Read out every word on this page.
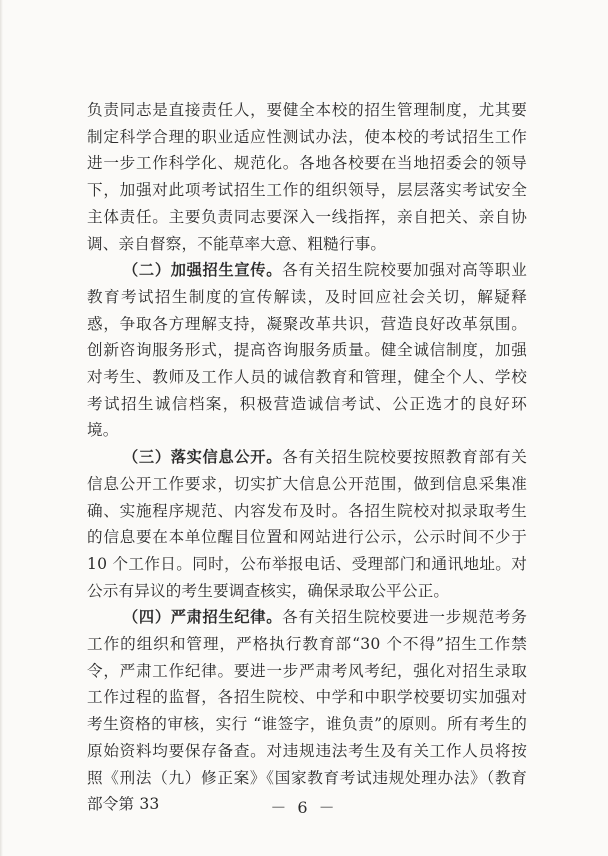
负责同志是直接责任人，要健全本校的招生管理制度，尤其要制定科学合理的职业适应性测试办法，使本校的考试招生工作进一步工作科学化、规范化。各地各校要在当地招委会的领导下，加强对此项考试招生工作的组织领导，层层落实考试安全主体责任。主要负责同志要深入一线指挥，亲自把关、亲自协调、亲自督察，不能草率大意、粗糙行事。

（二）加强招生宣传。各有关招生院校要加强对高等职业教育考试招生制度的宣传解读，及时回应社会关切，解疑释惑，争取各方理解支持，凝聚改革共识，营造良好改革氛围。创新咨询服务形式，提高咨询服务质量。健全诚信制度，加强对考生、教师及工作人员的诚信教育和管理，健全个人、学校考试招生诚信档案，积极营造诚信考试、公正选才的良好环境。

（三）落实信息公开。各有关招生院校要按照教育部有关信息公开工作要求，切实扩大信息公开范围，做到信息采集准确、实施程序规范、内容发布及时。各招生院校对拟录取考生的信息要在本单位醒目位置和网站进行公示，公示时间不少于 10 个工作日。同时，公布举报电话、受理部门和通讯地址。对公示有异议的考生要调查核实，确保录取公平公正。

（四）严肃招生纪律。各有关招生院校要进一步规范考务工作的组织和管理，严格执行教育部“30 个不得”招生工作禁令，严肃工作纪律。要进一步严肃考风考纪，强化对招生录取工作过程的监督，各招生院校、中学和中职学校要切实加强对考生资格的审核，实行 “谁签字，谁负责”的原则。所有考生的原始资料均要保存备查。对违规违法考生及有关工作人员将按照《刑法（九）修正案》《国家教育考试违规处理办法》（教育部令第 33	－ 6 －
